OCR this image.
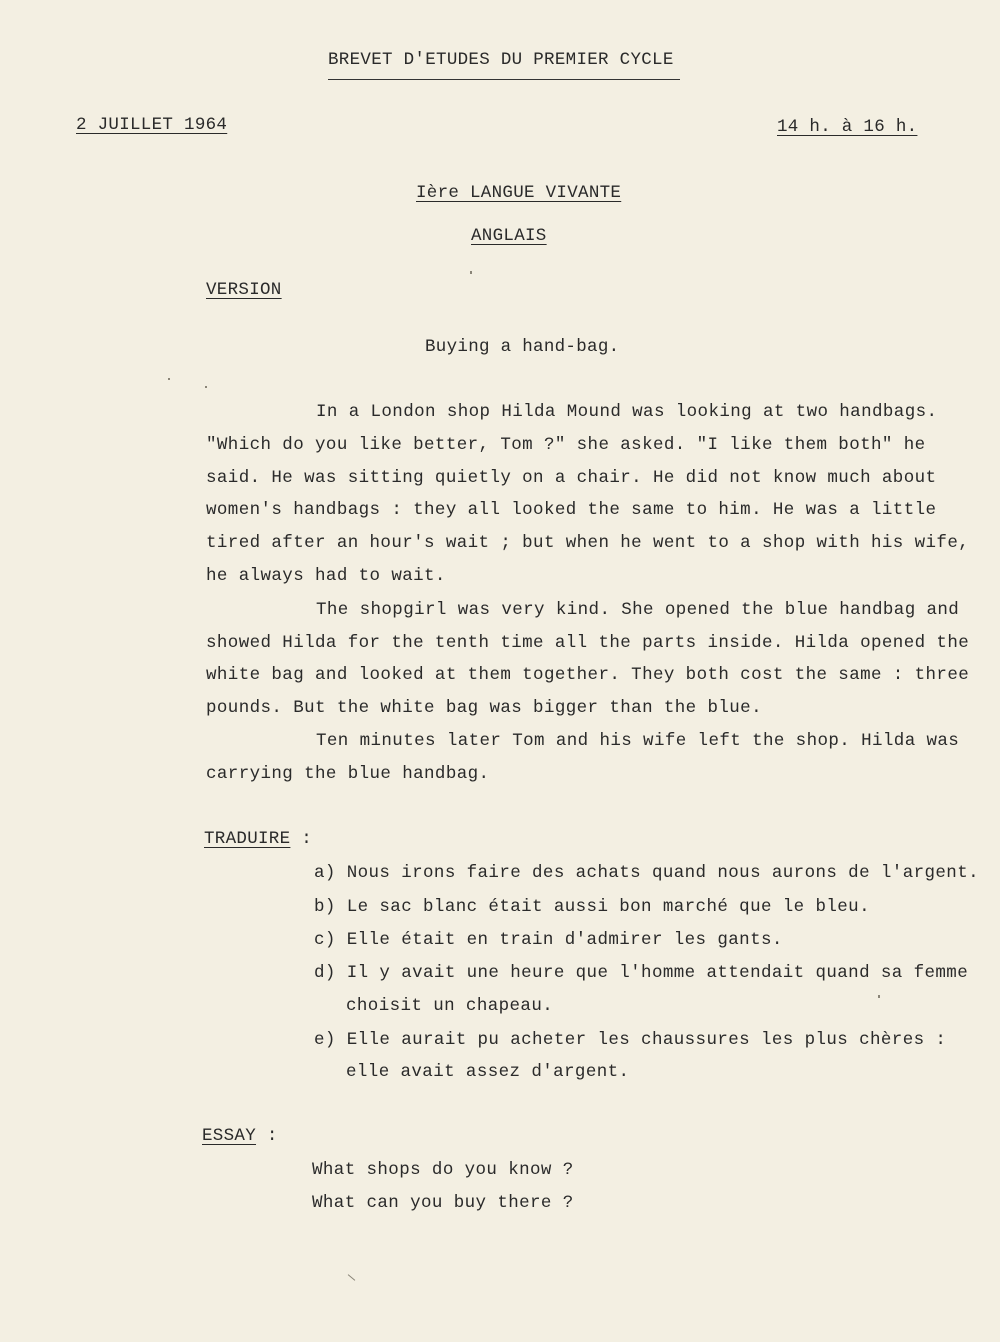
BREVET D'ETUDES DU PREMIER CYCLE
2 JUILLET 1964	14 h. à 16 h.
Ière LANGUE VIVANTE
ANGLAIS
VERSION
Buying a hand-bag.
In a London shop Hilda Mound was looking at two handbags.
"Which do you like better, Tom ?" she asked. "I like them both" he
said. He was sitting quietly on a chair. He did not know much about
women's handbags : they all looked the same to him. He was a little
tired after an hour's wait ; but when he went to a shop with his wife,
he always had to wait.
The shopgirl was very kind. She opened the blue handbag and
showed Hilda for the tenth time all the parts inside. Hilda opened the
white bag and looked at them together. They both cost the same : three
pounds. But the white bag was bigger than the blue.
Ten minutes later Tom and his wife left the shop. Hilda was
carrying the blue handbag.
TRADUIRE :
a) Nous irons faire des achats quand nous aurons de l'argent.
b) Le sac blanc était aussi bon marché que le bleu.
c) Elle était en train d'admirer les gants.
d) Il y avait une heure que l'homme attendait quand sa femme
choisit un chapeau.
e) Elle aurait pu acheter les chaussures les plus chères :
elle avait assez d'argent.
ESSAY :
What shops do you know ?
What can you buy there ?
